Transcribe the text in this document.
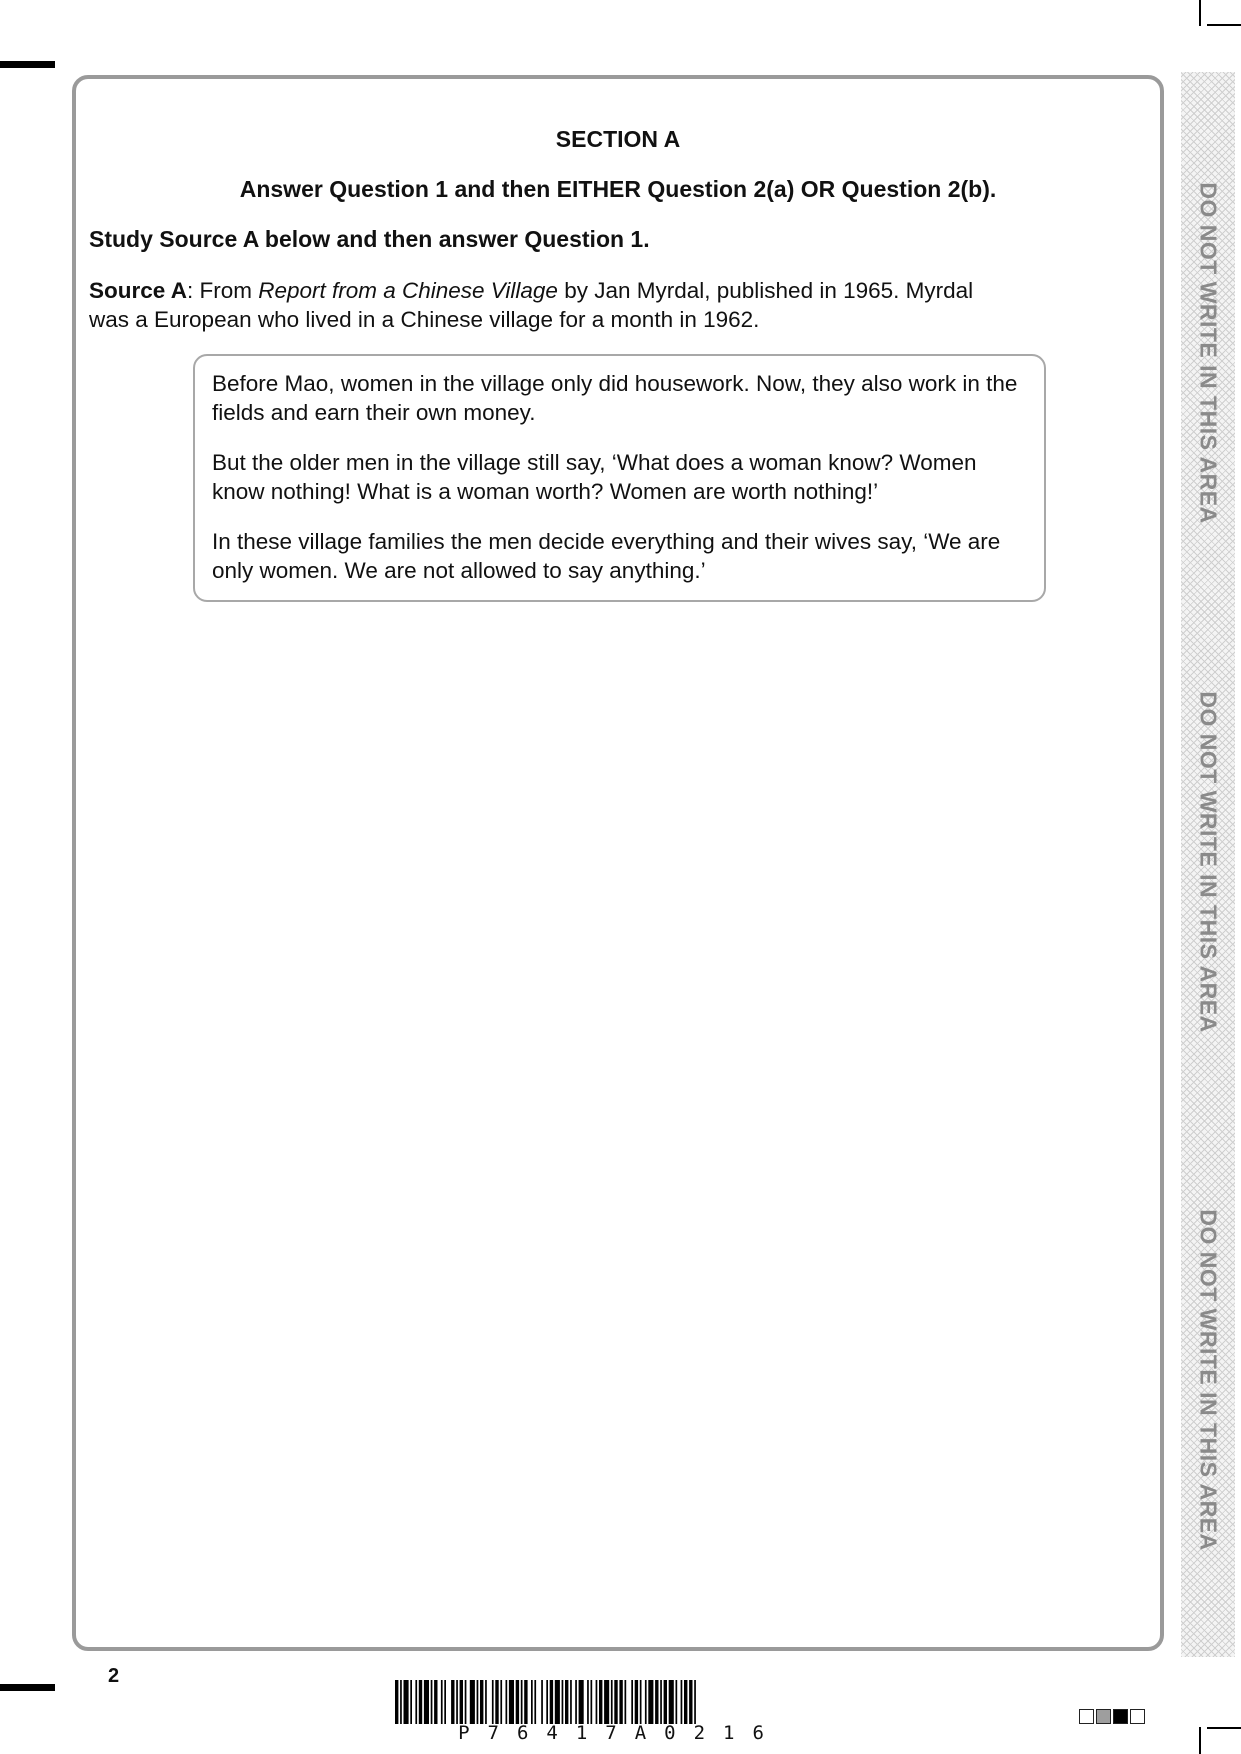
SECTION A
Answer Question 1 and then EITHER Question 2(a) OR Question 2(b).
Study Source A below and then answer Question 1.
Source A: From Report from a Chinese Village by Jan Myrdal, published in 1965. Myrdal was a European who lived in a Chinese village for a month in 1962.
Before Mao, women in the village only did housework. Now, they also work in the fields and earn their own money.
But the older men in the village still say, ‘What does a woman know? Women know nothing! What is a woman worth? Women are worth nothing!’
In these village families the men decide everything and their wives say, ‘We are only women. We are not allowed to say anything.’
DO NOT WRITE IN THIS AREA
DO NOT WRITE IN THIS AREA
DO NOT WRITE IN THIS AREA
2
P76417A0216
